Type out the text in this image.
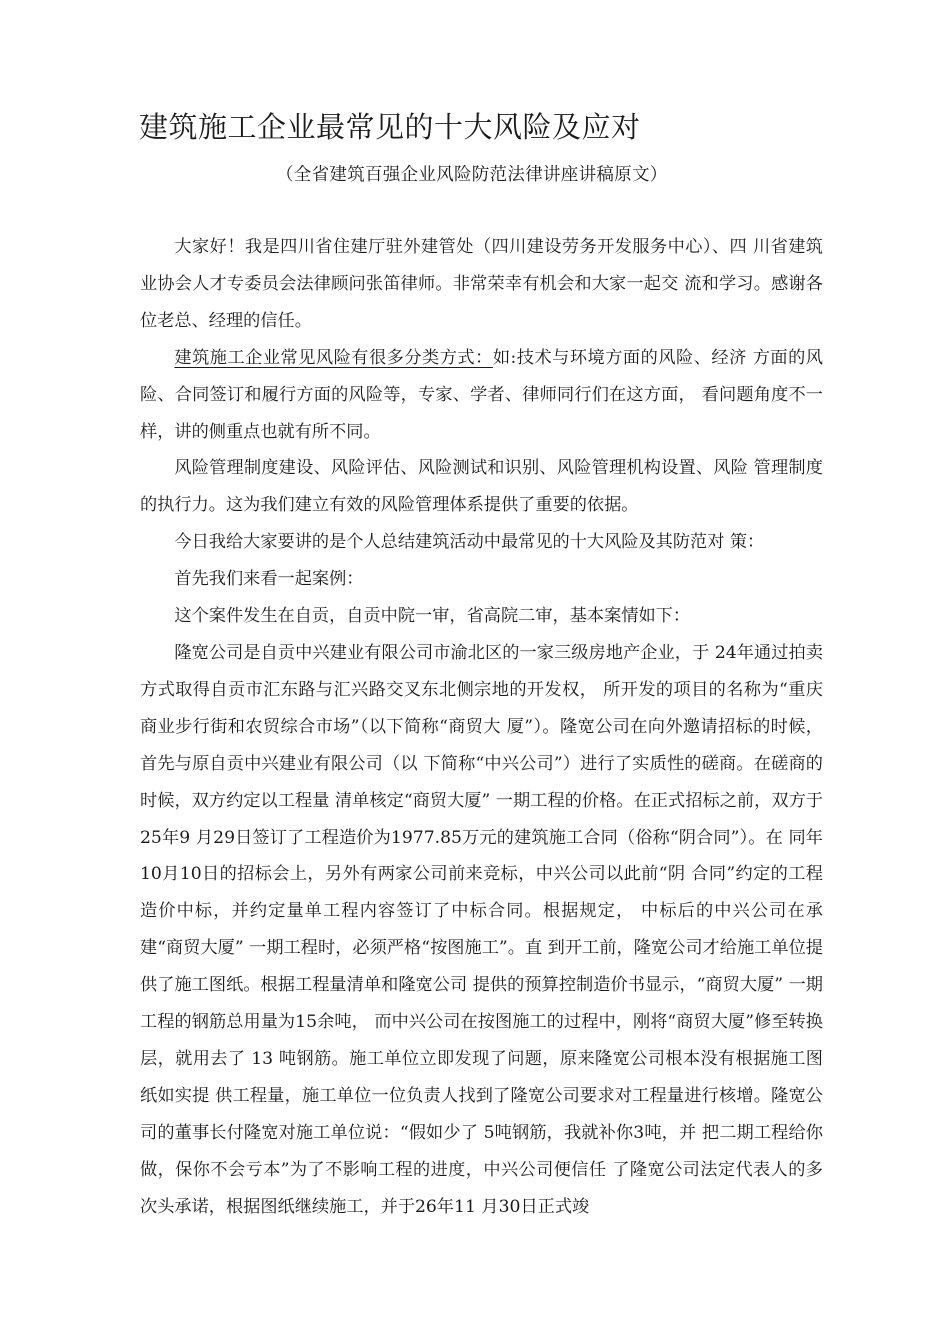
建筑施工企业最常见的十大风险及应对
（全省建筑百强企业风险防范法律讲座讲稿原文）

大家好！我是四川省住建厅驻外建管处（四川建设劳务开发服务中心）、四 川省建筑业协会人才专委员会法律顾问张笛律师。非常荣幸有机会和大家一起交 流和学习。感谢各位老总、经理的信任。

建筑施工企业常见风险有很多分类方式：如:技术与环境方面的风险、经济 方面的风险、合同签订和履行方面的风险等，专家、学者、律师同行们在这方面， 看问题角度不一样，讲的侧重点也就有所不同。

风险管理制度建设、风险评估、风险测试和识别、风险管理机构设置、风险 管理制度的执行力。这为我们建立有效的风险管理体系提供了重要的依据。

今日我给大家要讲的是个人总结建筑活动中最常见的十大风险及其防范对 策：

首先我们来看一起案例：

这个案件发生在自贡，自贡中院一审，省高院二审，基本案情如下：

隆宽公司是自贡中兴建业有限公司市渝北区的一家三级房地产企业，于 24年通过拍卖方式取得自贡市汇东路与汇兴路交叉东北侧宗地的开发权， 所开发的项目的名称为“重庆商业步行街和农贸综合市场”（以下简称“商贸大 厦”）。隆宽公司在向外邀请招标的时候，首先与原自贡中兴建业有限公司（以 下简称“中兴公司”）进行了实质性的磋商。在磋商的时候，双方约定以工程量 清单核定“商贸大厦” 一期工程的价格。在正式招标之前，双方于25年9 月29日签订了工程造价为1977.85万元的建筑施工合同（俗称“阴合同”）。在 同年10月10日的招标会上，另外有两家公司前来竞标，中兴公司以此前“阴 合同”约定的工程造价中标，并约定量单工程内容签订了中标合同。根据规定， 中标后的中兴公司在承建“商贸大厦” 一期工程时，必须严格“按图施工”。直 到开工前，隆宽公司才给施工单位提供了施工图纸。根据工程量清单和隆宽公司 提供的预算控制造价书显示，“商贸大厦” 一期工程的钢筋总用量为15余吨， 而中兴公司在按图施工的过程中，刚将“商贸大厦”修至转换层，就用去了 13 吨钢筋。施工单位立即发现了问题，原来隆宽公司根本没有根据施工图纸如实提 供工程量，施工单位一位负责人找到了隆宽公司要求对工程量进行核增。隆宽公 司的董事长付隆宽对施工单位说：“假如少了 5吨钢筋，我就补你3吨，并 把二期工程给你做，保你不会亏本”为了不影响工程的进度，中兴公司便信任 了隆宽公司法定代表人的多次头承诺，根据图纸继续施工，并于26年11 月30日正式竣
